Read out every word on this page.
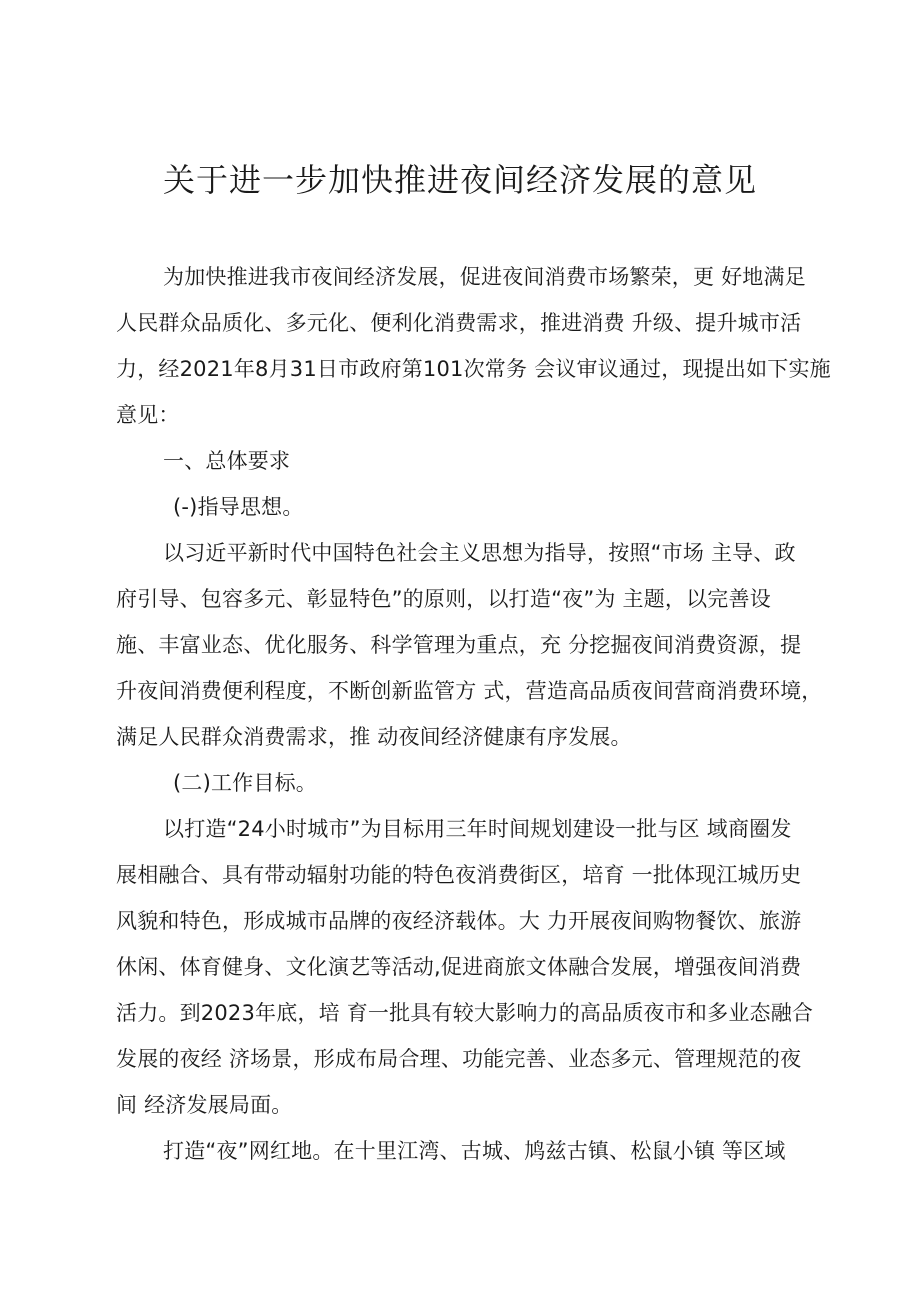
关于进一步加快推进夜间经济发展的意见
为加快推进我市夜间经济发展，促进夜间消费市场繁荣，更 好地满足
人民群众品质化、多元化、便利化消费需求，推进消费 升级、提升城市活
力，经2021年8月31日市政府第101次常务 会议审议通过，现提出如下实施
意见：
一、总体要求
(-)指导思想。
以习近平新时代中国特色社会主义思想为指导，按照“市场 主导、政
府引导、包容多元、彰显特色”的原则，以打造“夜”为 主题，以完善设
施、丰富业态、优化服务、科学管理为重点，充 分挖掘夜间消费资源，提
升夜间消费便利程度，不断创新监管方 式，营造高品质夜间营商消费环境，
满足人民群众消费需求，推 动夜间经济健康有序发展。
(二)工作目标。
以打造“24小时城市”为目标用三年时间规划建设一批与区 域商圈发
展相融合、具有带动辐射功能的特色夜消费街区，培育 一批体现江城历史
风貌和特色，形成城市品牌的夜经济载体。大 力开展夜间购物餐饮、旅游
休闲、体育健身、文化演艺等活动,促进商旅文体融合发展，增强夜间消费
活力。到2023年底，培 育一批具有较大影响力的高品质夜市和多业态融合
发展的夜经 济场景，形成布局合理、功能完善、业态多元、管理规范的夜
间 经济发展局面。
打造“夜”网红地。在十里江湾、古城、鸠兹古镇、松鼠小镇 等区域
